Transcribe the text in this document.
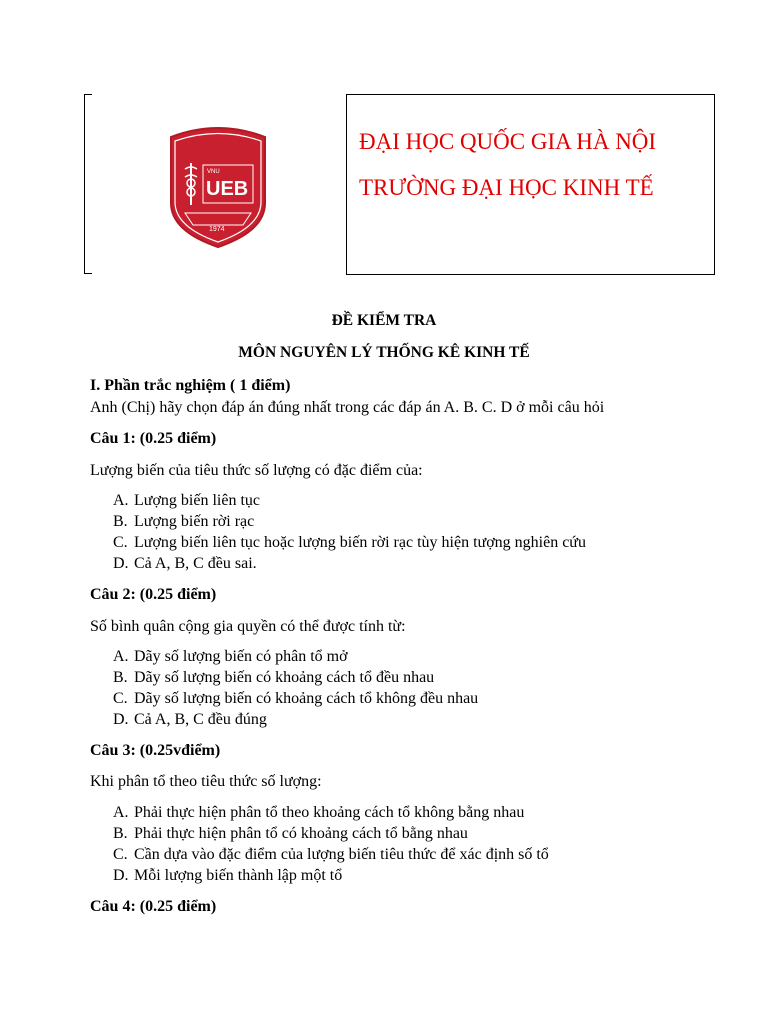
VNU
UEB
1974
ĐẠI HỌC QUỐC GIA HÀ NỘI
TRƯỜNG ĐẠI HỌC KINH TẾ
ĐỀ KIỂM TRA
MÔN NGUYÊN LÝ THỐNG KÊ KINH TẾ
I. Phần trắc nghiệm ( 1 điểm)
Anh (Chị) hãy chọn đáp án đúng nhất trong các đáp án A. B. C. D ở mỗi câu hỏi
Câu 1: (0.25 điểm)
Lượng biến của tiêu thức số lượng có đặc điểm của:
A. Lượng biến liên tục
B. Lượng biến rời rạc
C. Lượng biến liên tục hoặc lượng biến rời rạc tùy hiện tượng nghiên cứu
D. Cả A, B, C đều sai.
Câu 2: (0.25 điểm)
Số bình quân cộng gia quyền có thể được tính từ:
A. Dãy số lượng biến có phân tổ mở
B. Dãy số lượng biến có khoảng cách tổ đều nhau
C. Dãy số lượng biến có khoảng cách tổ không đều nhau
D. Cả A, B, C đều đúng
Câu 3: (0.25vđiểm)
Khi phân tổ theo tiêu thức số lượng:
A. Phải thực hiện phân tổ theo khoảng cách tổ không bằng nhau
B. Phải thực hiện phân tổ có khoảng cách tổ bằng nhau
C. Cần dựa vào đặc điểm của lượng biến tiêu thức để xác định số tổ
D. Mỗi lượng biến thành lập một tổ
Câu 4: (0.25 điểm)
